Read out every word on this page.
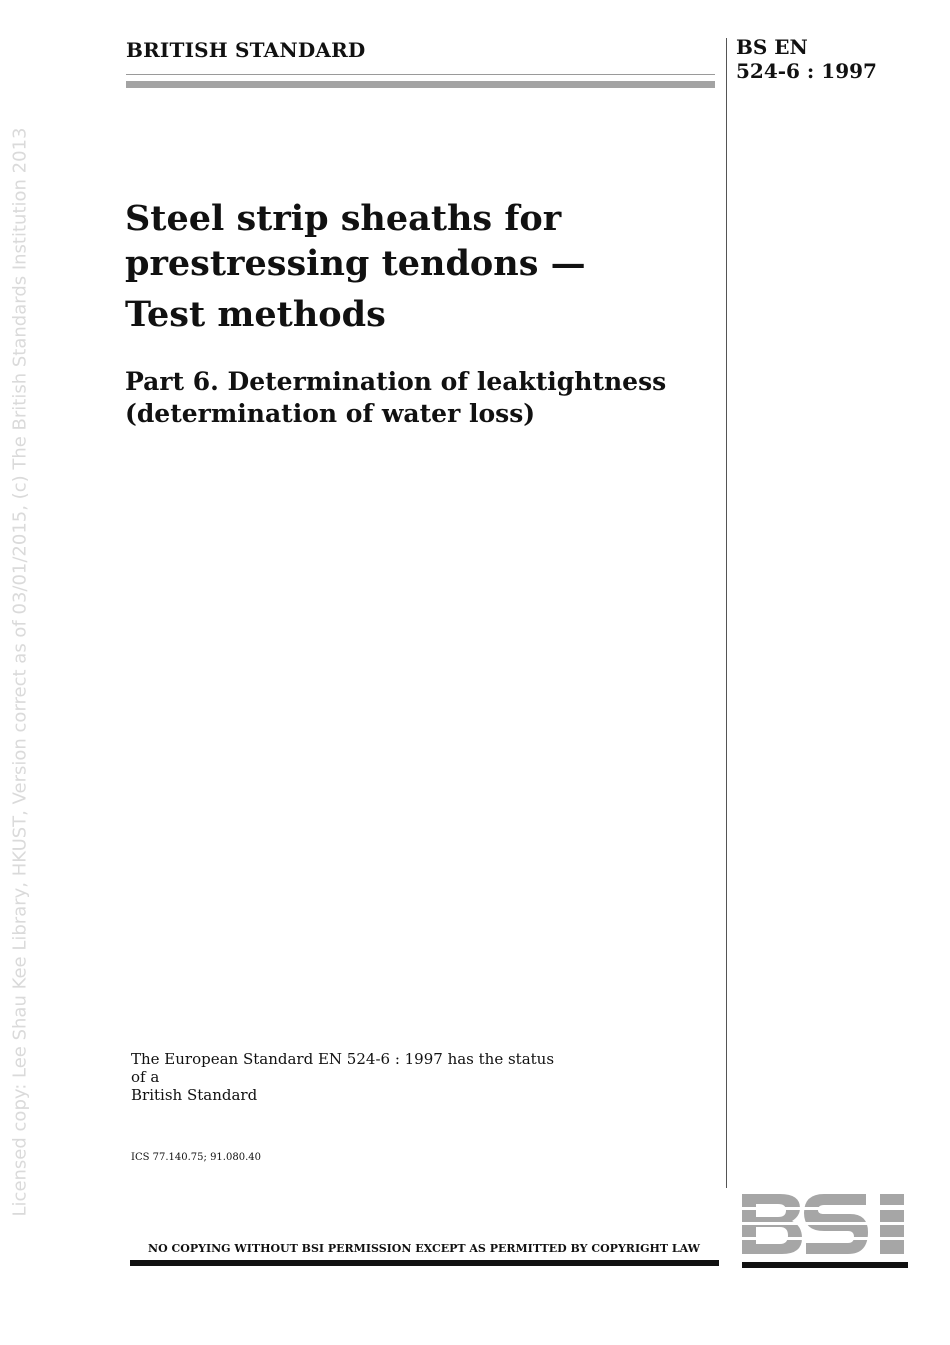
Licensed copy: Lee Shau Kee Library, HKUST, Version correct as of 03/01/2015, (c) The British Standards Institution 2013
BRITISH STANDARD	BS EN
524-6 : 1997
Steel strip sheaths for
prestressing tendons —
Test methods
Part 6. Determination of leaktightness
(determination of water loss)
The European Standard EN 524-6 : 1997 has the status of a
British Standard
ICS 77.140.75; 91.080.40
NO COPYING WITHOUT BSI PERMISSION EXCEPT AS PERMITTED BY COPYRIGHT LAW
